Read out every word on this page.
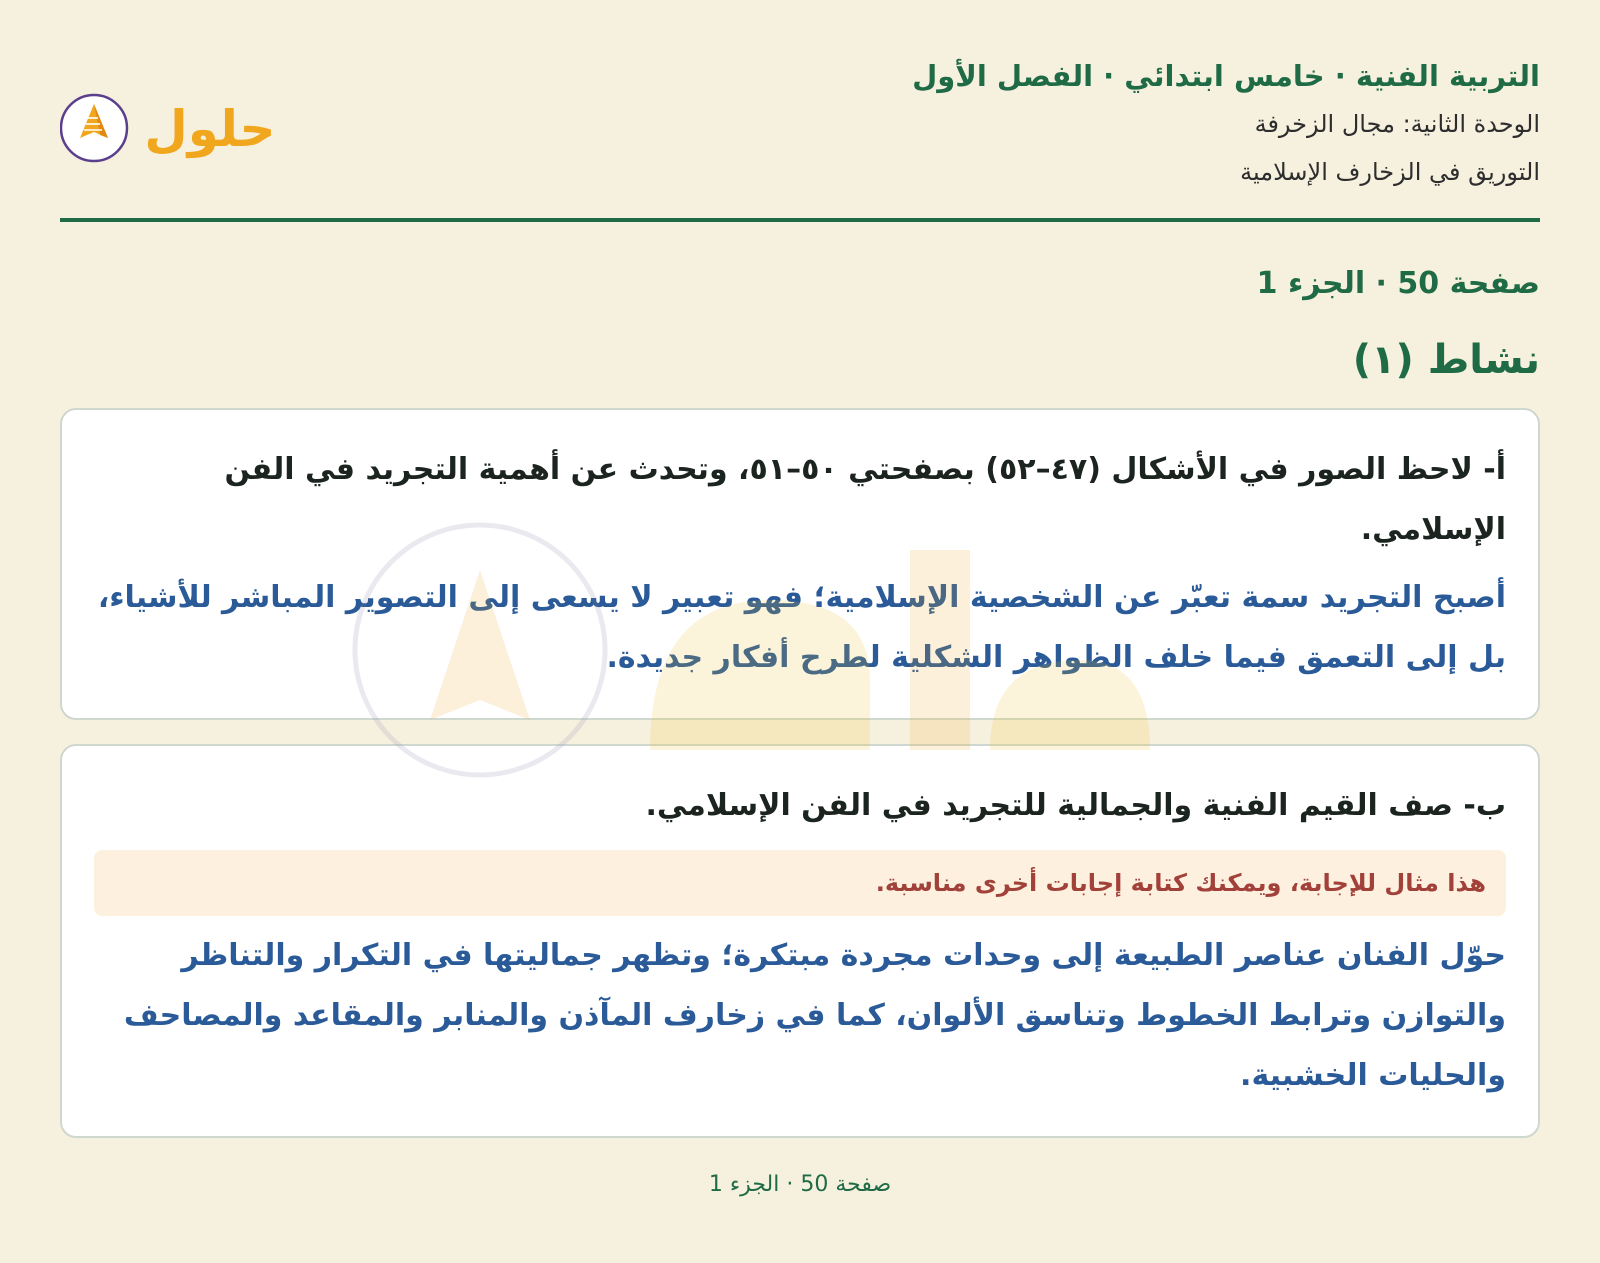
التربية الفنية · خامس ابتدائي · الفصل الأول
الوحدة الثانية: مجال الزخرفة
التوريق في الزخارف الإسلامية
حلول
صفحة 50 · الجزء 1
نشاط (١)
أ- لاحظ الصور في الأشكال (٤٧–٥٢) بصفحتي ٥٠–٥١، وتحدث عن أهمية التجريد في الفن الإسلامي.
أصبح التجريد سمة تعبّر عن الشخصية الإسلامية؛ فهو تعبير لا يسعى إلى التصوير المباشر للأشياء، بل إلى التعمق فيما خلف الظواهر الشكلية لطرح أفكار جديدة.
ب- صف القيم الفنية والجمالية للتجريد في الفن الإسلامي.
هذا مثال للإجابة، ويمكنك كتابة إجابات أخرى مناسبة.
حوّل الفنان عناصر الطبيعة إلى وحدات مجردة مبتكرة؛ وتظهر جماليتها في التكرار والتناظر والتوازن وترابط الخطوط وتناسق الألوان، كما في زخارف المآذن والمنابر والمقاعد والمصاحف والحليات الخشبية.
صفحة 50 · الجزء 1
